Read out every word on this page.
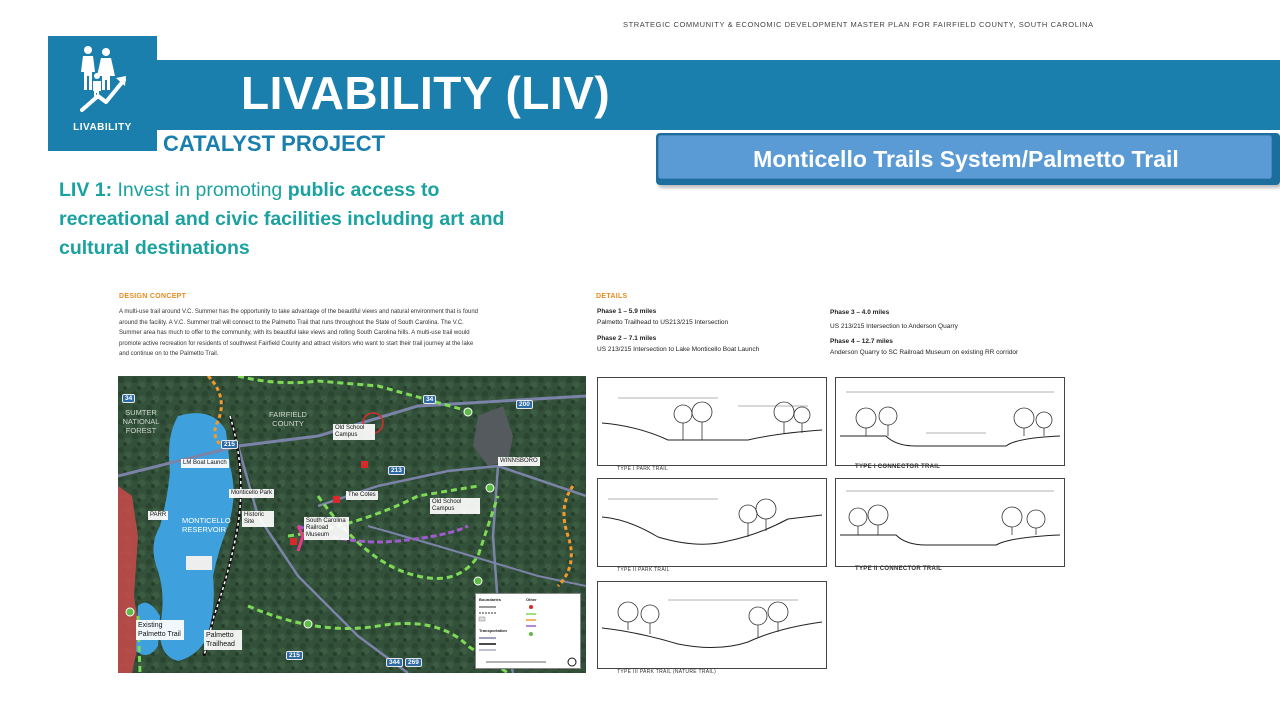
STRATEGIC COMMUNITY & ECONOMIC DEVELOPMENT MASTER PLAN FOR FAIRFIELD COUNTY, SOUTH CAROLINA
LIVABILITY (LIV)
LIVABILITY
CATALYST PROJECT
Monticello Trails System/Palmetto Trail
LIV 1: Invest in promoting public access to recreational and civic facilities including art and cultural destinations
DESIGN CONCEPT
A multi-use trail around V.C. Summer has the opportunity to take advantage of the beautiful views and natural environment that is found around the facility. A V.C. Summer trail will connect to the Palmetto Trail that runs throughout the State of South Carolina. The V.C. Summer area has much to offer to the community, with its beautiful lake views and rolling South Carolina hills. A multi-use trail would promote active recreation for residents of southwest Fairfield County and attract visitors who want to start their trail journey at the lake and continue on to the Palmetto Trail.
34	34
200
215
213
215
344	269
LM Boat Launch
Monticello Park	The Cotes
WINNSBORO
Old School Campus
Old School Campus
Historic Site	South Carolina Railroad Museum
PARR
Existing Palmetto Trail	Palmetto Trailhead
MONTICELLO RESERVOIR
FAIRFIELD COUNTY
SUMTER NATIONAL FOREST
Boundaries
Transportation
Other
DETAILS
Phase 1 – 5.9 miles
Palmetto Trailhead to US213/215 Intersection
Phase 2 – 7.1 miles
US 213/215 Intersection to Lake Monticello Boat Launch
Phase 3 – 4.0 miles
US 213/215 Intersection to Anderson Quarry
Phase 4 – 12.7 miles
Anderson Quarry to SC Railroad Museum on existing RR corridor
TYPE I PARK TRAIL	TYPE I CONNECTOR TRAIL
TYPE II PARK TRAIL	TYPE II CONNECTOR TRAIL
TYPE III PARK TRAIL (NATURE TRAIL)
